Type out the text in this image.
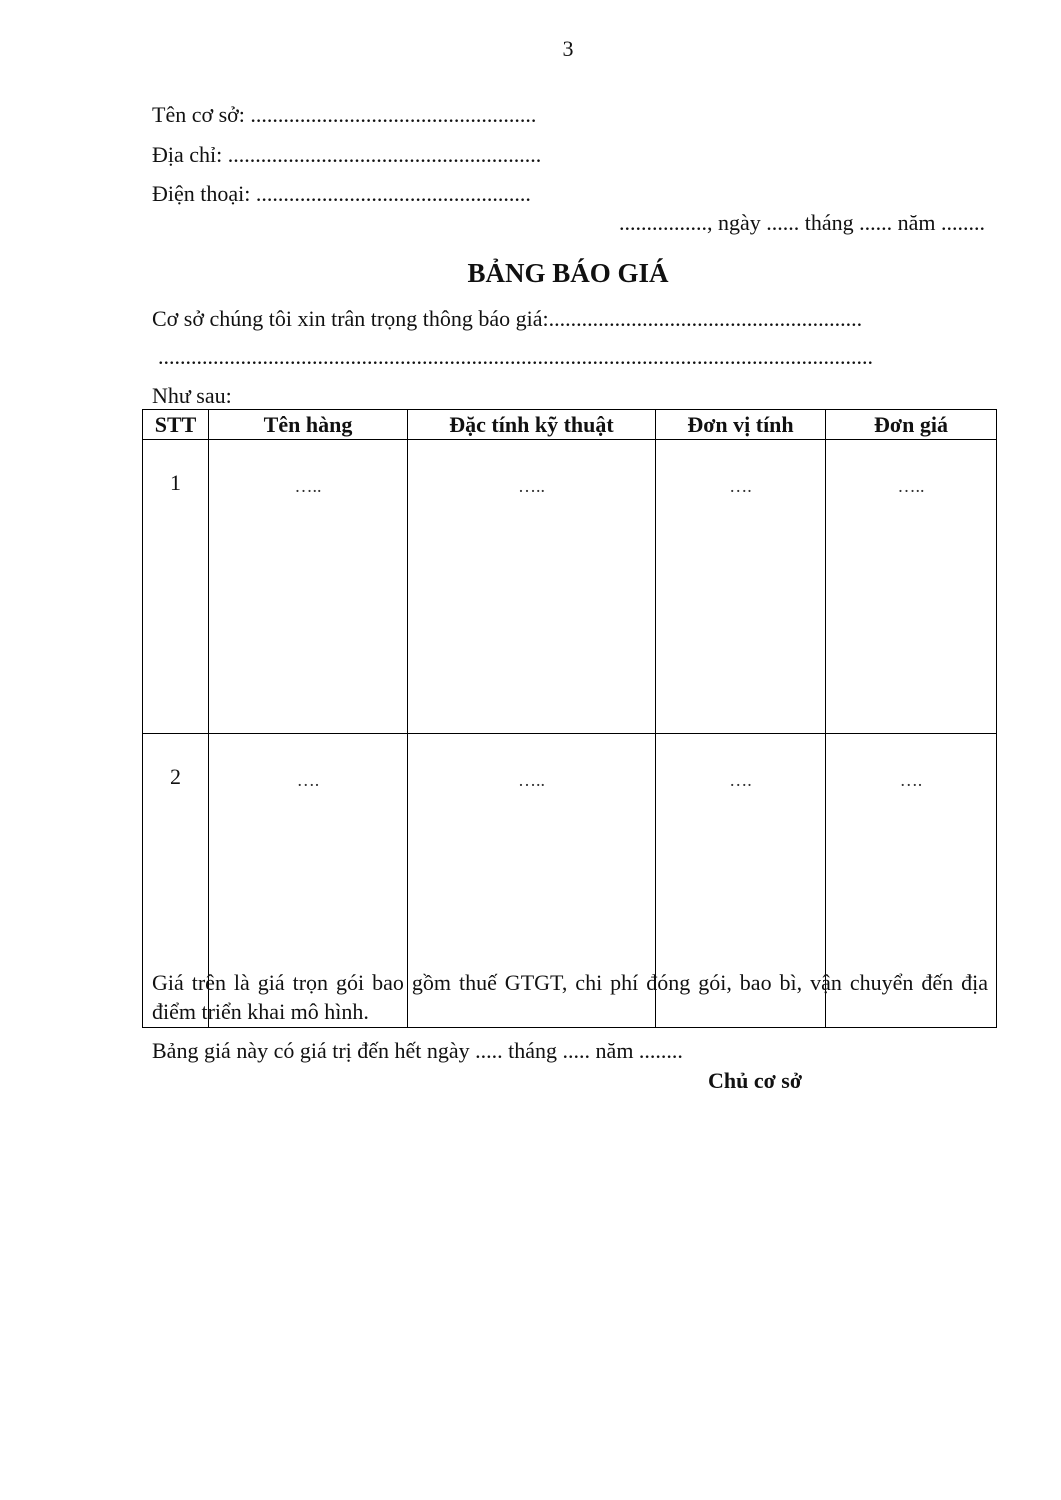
3
Tên cơ sở: ....................................................
Địa chỉ: .........................................................
Điện thoại: ..................................................
................, ngày ...... tháng ...... năm ........
BẢNG BÁO GIÁ
Cơ sở chúng tôi xin trân trọng thông báo giá:.........................................................
..................................................................................................................................
Như sau:
STT	Tên hàng	Đặc tính kỹ thuật	Đơn vị tính	Đơn giá
1	…..	…..	….	…..
2	….	…..	….	….
Giá trên là giá trọn gói bao gồm thuế GTGT, chi phí đóng gói, bao bì, vận chuyển đến địa điểm triển khai mô hình.
Bảng giá này có giá trị đến hết ngày ..... tháng ..... năm ........
Chủ cơ sở
